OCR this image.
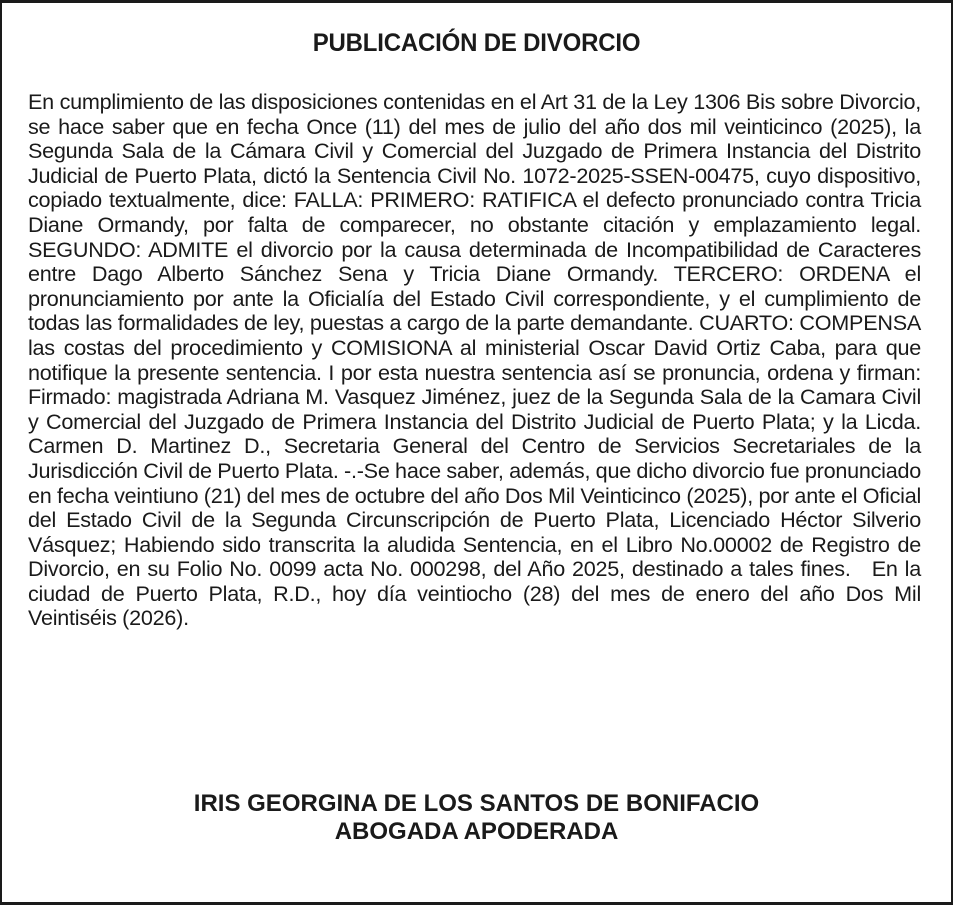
PUBLICACIÓN DE DIVORCIO

En cumplimiento de las disposiciones contenidas en el Art 31 de la Ley 1306 Bis sobre Divorcio, se hace saber que en fecha Once (11) del mes de julio del año dos mil veinticinco (2025), la Segunda Sala de la Cámara Civil y Comercial del Juzgado de Primera Instancia del Distrito Judicial de Puerto Plata, dictó la Sentencia Civil No. 1072-2025-SSEN-00475, cuyo dispositivo, copiado textualmente, dice: FALLA: PRIMERO: RATIFICA el defecto pronunciado contra Tricia Diane Ormandy, por falta de comparecer, no obstante citación y emplazamiento legal. SEGUNDO: ADMITE el divorcio por la causa determinada de Incompatibilidad de Caracteres entre Dago Alberto Sánchez Sena y Tricia Diane Ormandy. TERCERO: ORDENA el pronunciamiento por ante la Oficialía del Estado Civil correspondiente, y el cumplimiento de todas las formalidades de ley, puestas a cargo de la parte demandante. CUARTO: COMPENSA las costas del procedimiento y COMISIONA al ministerial Oscar David Ortiz Caba, para que notifique la presente sentencia. I por esta nuestra sentencia así se pronuncia, ordena y firman: Firmado: magistrada Adriana M. Vasquez Jiménez, juez de la Segunda Sala de la Camara Civil y Comercial del Juzgado de Primera Instancia del Distrito Judicial de Puerto Plata; y la Licda. Carmen D. Martinez D., Secretaria General del Centro de Servicios Secretariales de la Jurisdicción Civil de Puerto Plata. -.-Se hace saber, además, que dicho divorcio fue pronunciado en fecha veintiuno (21) del mes de octubre del año Dos Mil Veinticinco (2025), por ante el Oficial del Estado Civil de la Segunda Circunscripción de Puerto Plata, Licenciado Héctor Silverio Vásquez; Habiendo sido transcrita la aludida Sentencia, en el Libro No.00002 de Registro de Divorcio, en su Folio No. 0099 acta No. 000298, del Año 2025, destinado a tales fines.   En la ciudad de Puerto Plata, R.D., hoy día veintiocho (28) del mes de enero del año Dos Mil Veintiséis (2026).

IRIS GEORGINA DE LOS SANTOS DE BONIFACIO
ABOGADA APODERADA
